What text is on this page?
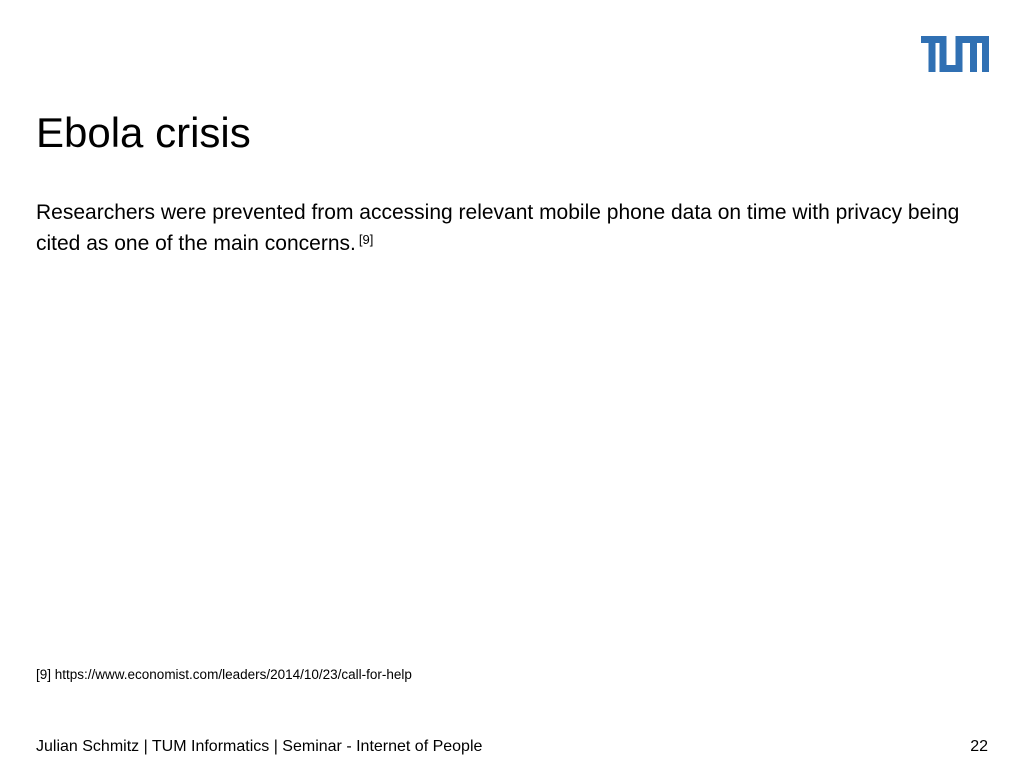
Ebola crisis

Researchers were prevented from accessing relevant mobile phone data on time with privacy being cited as one of the main concerns. [9]

[9] https://www.economist.com/leaders/2014/10/23/call-for-help
Julian Schmitz | TUM Informatics | Seminar - Internet of People	22
